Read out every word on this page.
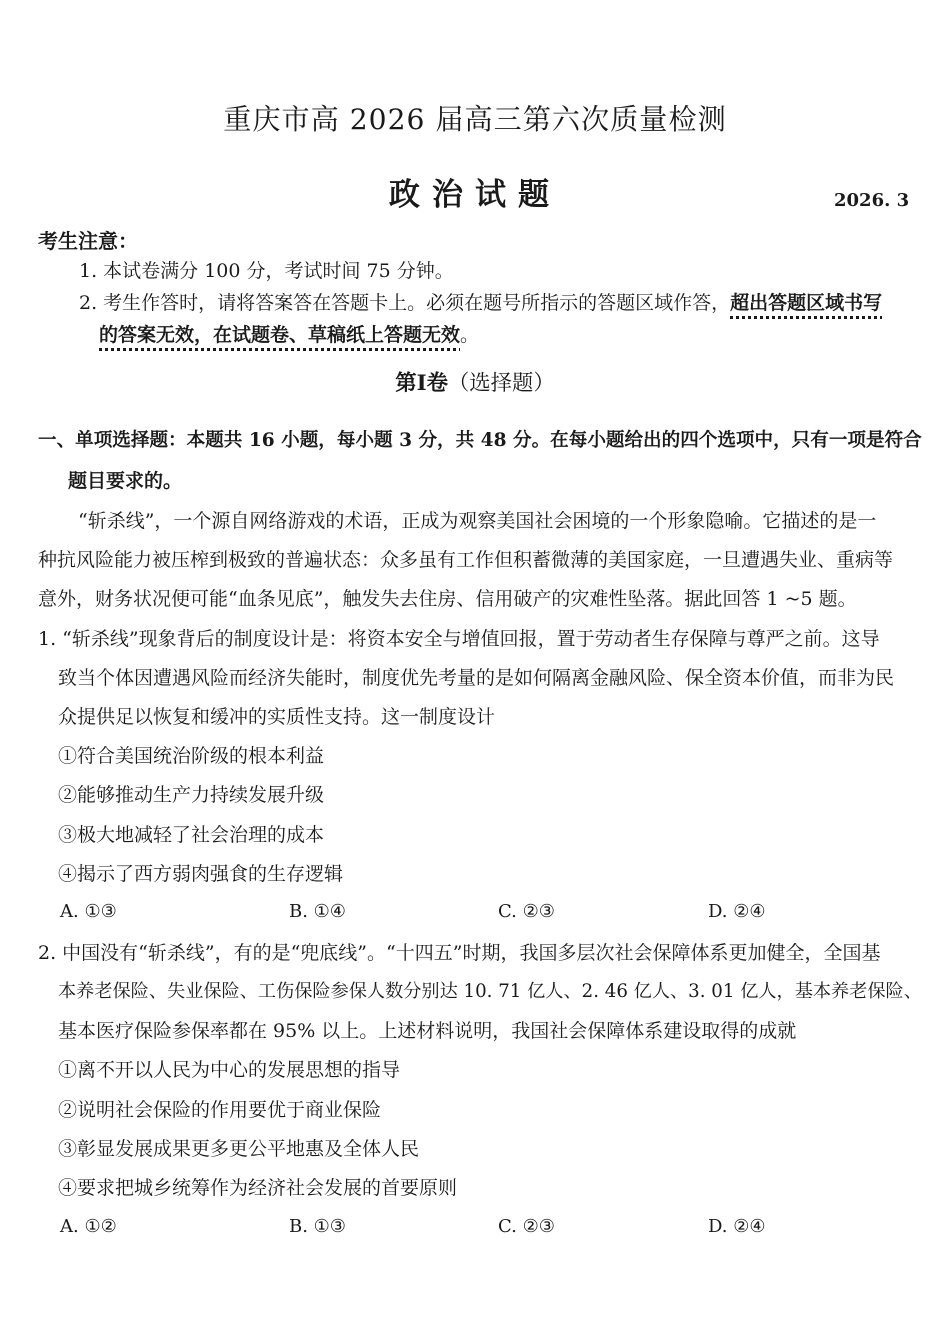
重庆市高 2026 届高三第六次质量检测
政治试题	2026. 3
考生注意：
1. 本试卷满分 100 分，考试时间 75 分钟。
2. 考生作答时，请将答案答在答题卡上。必须在题号所指示的答题区域作答，超出答题区域书写
的答案无效，在试题卷、草稿纸上答题无效。
第Ⅰ卷（选择题）
一、单项选择题：本题共 16 小题，每小题 3 分，共 48 分。在每小题给出的四个选项中，只有一项是符合
题目要求的。
“斩杀线”，一个源自网络游戏的术语，正成为观察美国社会困境的一个形象隐喻。它描述的是一
种抗风险能力被压榨到极致的普遍状态：众多虽有工作但积蓄微薄的美国家庭，一旦遭遇失业、重病等
意外，财务状况便可能“血条见底”，触发失去住房、信用破产的灾难性坠落。据此回答 1 ~5 题。
1. “斩杀线”现象背后的制度设计是：将资本安全与增值回报，置于劳动者生存保障与尊严之前。这导
致当个体因遭遇风险而经济失能时，制度优先考量的是如何隔离金融风险、保全资本价值，而非为民
众提供足以恢复和缓冲的实质性支持。这一制度设计
①符合美国统治阶级的根本利益
②能够推动生产力持续发展升级
③极大地减轻了社会治理的成本
④揭示了西方弱肉强食的生存逻辑
A. ①③	B. ①④	C. ②③	D. ②④
2. 中国没有“斩杀线”，有的是“兜底线”。“十四五”时期，我国多层次社会保障体系更加健全，全国基
本养老保险、失业保险、工伤保险参保人数分别达 10. 71 亿人、2. 46 亿人、3. 01 亿人，基本养老保险、
基本医疗保险参保率都在 95% 以上。上述材料说明，我国社会保障体系建设取得的成就
①离不开以人民为中心的发展思想的指导
②说明社会保险的作用要优于商业保险
③彰显发展成果更多更公平地惠及全体人民
④要求把城乡统筹作为经济社会发展的首要原则
A. ①②	B. ①③	C. ②③	D. ②④
